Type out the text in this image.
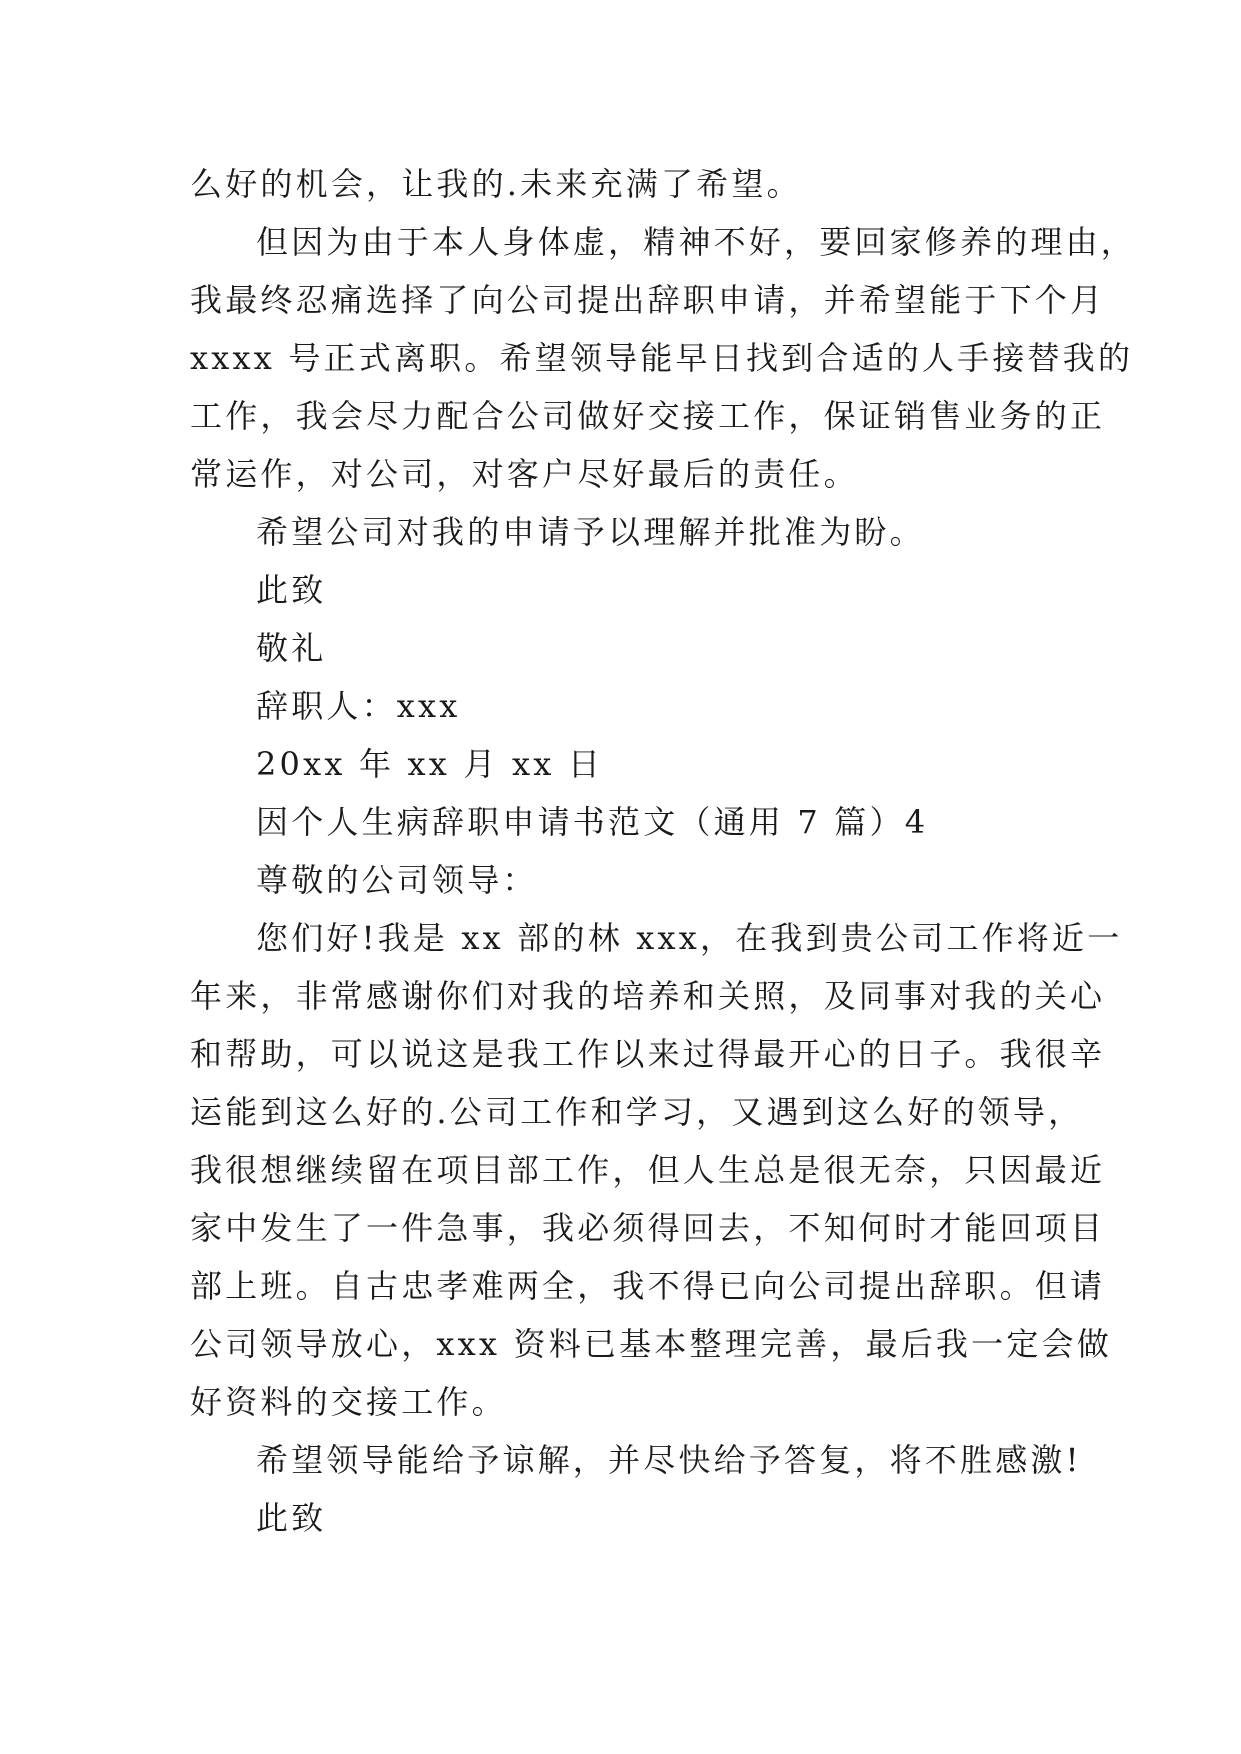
么好的机会，让我的.未来充满了希望。
但因为由于本人身体虚，精神不好，要回家修养的理由，
我最终忍痛选择了向公司提出辞职申请，并希望能于下个月
xxxx 号正式离职。希望领导能早日找到合适的人手接替我的
工作，我会尽力配合公司做好交接工作，保证销售业务的正
常运作，对公司，对客户尽好最后的责任。
希望公司对我的申请予以理解并批准为盼。
此致
敬礼
辞职人：xxx
20xx 年 xx 月 xx 日
因个人生病辞职申请书范文（通用 7 篇）4
尊敬的公司领导：
您们好!我是 xx 部的林 xxx，在我到贵公司工作将近一
年来，非常感谢你们对我的培养和关照，及同事对我的关心
和帮助，可以说这是我工作以来过得最开心的日子。我很辛
运能到这么好的.公司工作和学习，又遇到这么好的领导，
我很想继续留在项目部工作，但人生总是很无奈，只因最近
家中发生了一件急事，我必须得回去，不知何时才能回项目
部上班。自古忠孝难两全，我不得已向公司提出辞职。但请
公司领导放心，xxx 资料已基本整理完善，最后我一定会做
好资料的交接工作。
希望领导能给予谅解，并尽快给予答复，将不胜感激!
此致
